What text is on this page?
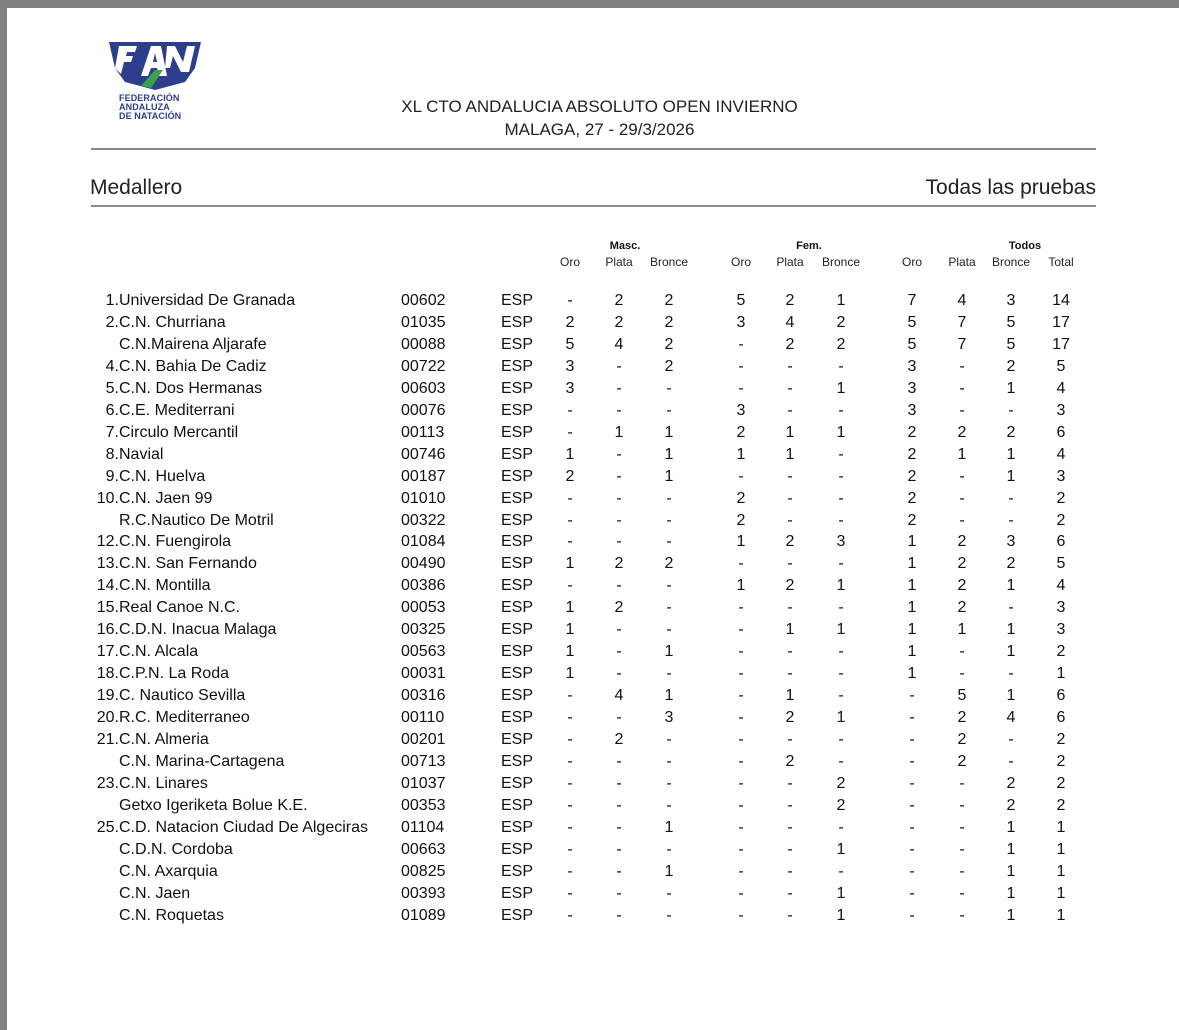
FEDERACIÓN
ANDALUZA
DE NATACIÓN	XL CTO ANDALUCIA ABSOLUTO OPEN INVIERNO
MALAGA, 27 - 29/3/2026
Medallero	Todas las pruebas
Masc.	Fem.	Todos
Oro	Plata	Bronce	Oro	Plata	Bronce	Oro	Plata	Bronce	Total
1. Universidad De Granada	00602	ESP	-	2	2	5	2	1	7	4	3	14
2. C.N. Churriana	01035	ESP	2	2	2	3	4	2	5	7	5	17
C.N.Mairena Aljarafe	00088	ESP	5	4	2	-	2	2	5	7	5	17
4. C.N. Bahia De Cadiz	00722	ESP	3	-	2	-	-	-	3	-	2	5
5. C.N. Dos Hermanas	00603	ESP	3	-	-	-	-	1	3	-	1	4
6. C.E. Mediterrani	00076	ESP	-	-	-	3	-	-	3	-	-	3
7. Circulo Mercantil	00113	ESP	-	1	1	2	1	1	2	2	2	6
8. Navial	00746	ESP	1	-	1	1	1	-	2	1	1	4
9. C.N. Huelva	00187	ESP	2	-	1	-	-	-	2	-	1	3
10. C.N. Jaen 99	01010	ESP	-	-	-	2	-	-	2	-	-	2
R.C.Nautico De Motril	00322	ESP	-	-	-	2	-	-	2	-	-	2
12. C.N. Fuengirola	01084	ESP	-	-	-	1	2	3	1	2	3	6
13. C.N. San Fernando	00490	ESP	1	2	2	-	-	-	1	2	2	5
14. C.N. Montilla	00386	ESP	-	-	-	1	2	1	1	2	1	4
15. Real Canoe N.C.	00053	ESP	1	2	-	-	-	-	1	2	-	3
16. C.D.N. Inacua Malaga	00325	ESP	1	-	-	-	1	1	1	1	1	3
17. C.N. Alcala	00563	ESP	1	-	1	-	-	-	1	-	1	2
18. C.P.N. La Roda	00031	ESP	1	-	-	-	-	-	1	-	-	1
19. C. Nautico Sevilla	00316	ESP	-	4	1	-	1	-	-	5	1	6
20. R.C. Mediterraneo	00110	ESP	-	-	3	-	2	1	-	2	4	6
21. C.N. Almeria	00201	ESP	-	2	-	-	-	-	-	2	-	2
C.N. Marina-Cartagena	00713	ESP	-	-	-	-	2	-	-	2	-	2
23. C.N. Linares	01037	ESP	-	-	-	-	-	2	-	-	2	2
Getxo Igeriketa Bolue K.E.	00353	ESP	-	-	-	-	-	2	-	-	2	2
25. C.D. Natacion Ciudad De Algeciras 01104	ESP	-	-	1	-	-	-	-	-	1	1
C.D.N. Cordoba	00663	ESP	-	-	-	-	-	1	-	-	1	1
C.N. Axarquia	00825	ESP	-	-	1	-	-	-	-	-	1	1
C.N. Jaen	00393	ESP	-	-	-	-	-	1	-	-	1	1
C.N. Roquetas	01089	ESP	-	-	-	-	-	1	-	-	1	1
